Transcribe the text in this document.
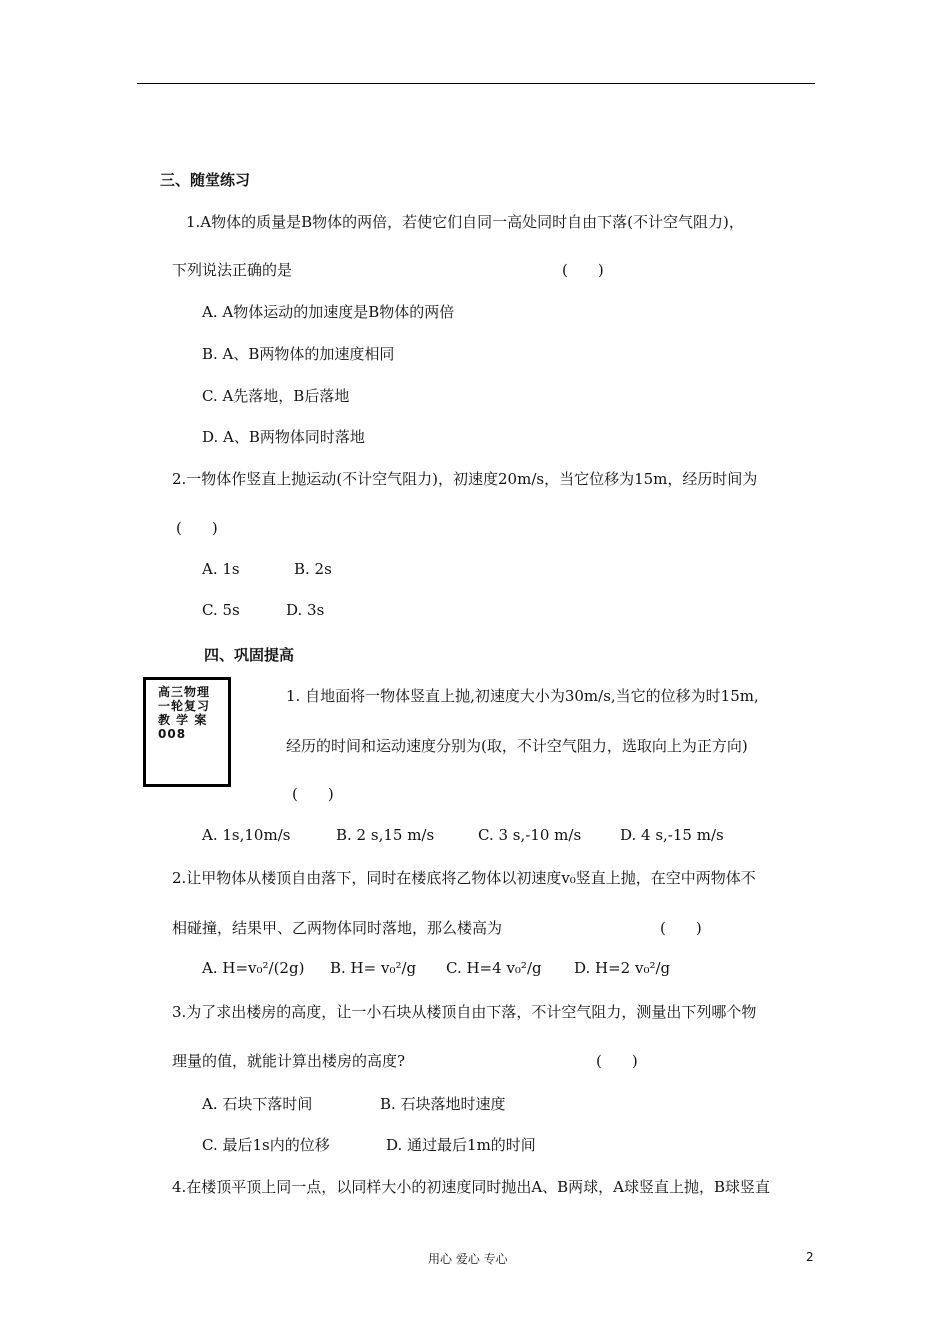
三、随堂练习
1.A物体的质量是B物体的两倍，若使它们自同一高处同时自由下落(不计空气阻力)，
下列说法正确的是	(　　)
A. A物体运动的加速度是B物体的两倍
B. A、B两物体的加速度相同
C. A先落地，B后落地
D. A、B两物体同时落地
2.一物体作竖直上抛运动(不计空气阻力)，初速度20m/s，当它位移为15m，经历时间为
(　　)
A. 1s	B. 2s
C. 5s	D. 3s
四、巩固提高
高三物理
一轮复习
教 学 案
008
1. 自地面将一物体竖直上抛,初速度大小为30m/s,当它的位移为时15m,
经历的时间和运动速度分别为(取，不计空气阻力，选取向上为正方向)
(　　)
A. 1s,10m/s	B. 2 s,15 m/s	C. 3 s,-10 m/s	D. 4 s,-15 m/s
2.让甲物体从楼顶自由落下，同时在楼底将乙物体以初速度v₀竖直上抛，在空中两物体不
相碰撞，结果甲、乙两物体同时落地，那么楼高为	(　　)
A. H=v₀²/(2g) B. H= v₀²/g C. H=4 v₀²/g D. H=2 v₀²/g
3.为了求出楼房的高度，让一小石块从楼顶自由下落，不计空气阻力，测量出下列哪个物
理量的值，就能计算出楼房的高度?	(　　)
A. 石块下落时间	B. 石块落地时速度
C. 最后1s内的位移	D. 通过最后1m的时间
4.在楼顶平顶上同一点，以同样大小的初速度同时抛出A、B两球，A球竖直上抛，B球竖直
用心 爱心 专心	2
